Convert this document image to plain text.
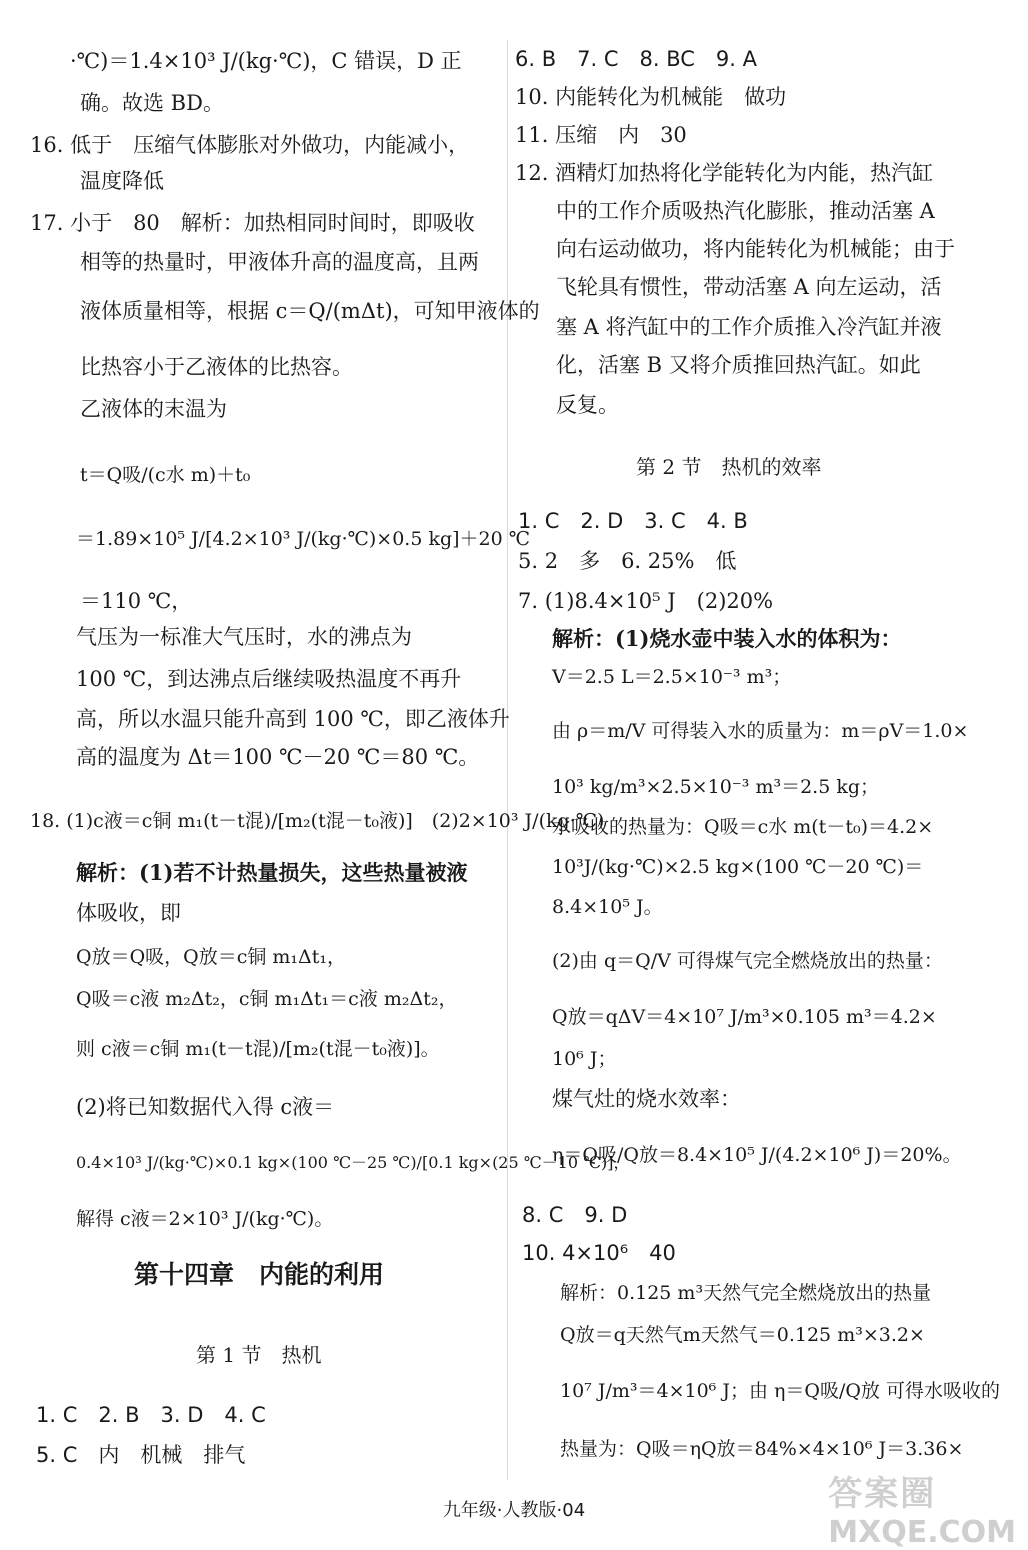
·℃)＝1.4×10³ J/(kg·℃)，C 错误，D 正
确。故选 BD。
16. 低于　压缩气体膨胀对外做功，内能减小，
温度降低
17. 小于　80　解析：加热相同时间时，即吸收
相等的热量时，甲液体升高的温度高，且两
液体质量相等，根据 c＝Q/(mΔt)，可知甲液体的
比热容小于乙液体的比热容。
乙液体的末温为
t＝Q吸/(c水 m)＋t₀
＝1.89×10⁵ J/[4.2×10³ J/(kg·℃)×0.5 kg]＋20 ℃
＝110 ℃，
气压为一标准大气压时，水的沸点为
100 ℃，到达沸点后继续吸热温度不再升
高，所以水温只能升高到 100 ℃，即乙液体升
高的温度为 Δt＝100 ℃－20 ℃＝80 ℃。
18. (1)c液＝c铜 m₁(t－t混)/[m₂(t混－t₀液)]　(2)2×10³ J/(kg·℃)
解析：(1)若不计热量损失，这些热量被液
体吸收，即
Q放＝Q吸，Q放＝c铜 m₁Δt₁，
Q吸＝c液 m₂Δt₂，c铜 m₁Δt₁＝c液 m₂Δt₂，
则 c液＝c铜 m₁(t－t混)/[m₂(t混－t₀液)]。
(2)将已知数据代入得 c液＝
0.4×10³ J/(kg·℃)×0.1 kg×(100 ℃－25 ℃)/[0.1 kg×(25 ℃－10 ℃)]，
解得 c液＝2×10³ J/(kg·℃)。
第十四章　内能的利用
第 1 节　热机
1. C　2. B　3. D　4. C
5. C　内　机械　排气
6. B　7. C　8. BC　9. A
10. 内能转化为机械能　做功
11. 压缩　内　30
12. 酒精灯加热将化学能转化为内能，热汽缸
中的工作介质吸热汽化膨胀，推动活塞 A
向右运动做功，将内能转化为机械能；由于
飞轮具有惯性，带动活塞 A 向左运动，活
塞 A 将汽缸中的工作介质推入冷汽缸并液
化，活塞 B 又将介质推回热汽缸。如此
反复。
第 2 节　热机的效率
1. C　2. D　3. C　4. B
5. 2　多　6. 25%　低
7. (1)8.4×10⁵ J　(2)20%
解析：(1)烧水壶中装入水的体积为：
V＝2.5 L＝2.5×10⁻³ m³；
由 ρ＝m/V 可得装入水的质量为：m＝ρV＝1.0×
10³ kg/m³×2.5×10⁻³ m³＝2.5 kg；
水吸收的热量为：Q吸＝c水 m(t－t₀)＝4.2×
10³J/(kg·℃)×2.5 kg×(100 ℃－20 ℃)＝
8.4×10⁵ J。
(2)由 q＝Q/V 可得煤气完全燃烧放出的热量：
Q放＝qΔV＝4×10⁷ J/m³×0.105 m³＝4.2×
10⁶ J；
煤气灶的烧水效率：
η＝Q吸/Q放＝8.4×10⁵ J/(4.2×10⁶ J)＝20%。
8. C　9. D
10. 4×10⁶　40
解析：0.125 m³天然气完全燃烧放出的热量
Q放＝q天然气m天然气＝0.125 m³×3.2×
10⁷ J/m³＝4×10⁶ J；由 η＝Q吸/Q放 可得水吸收的
热量为：Q吸＝ηQ放＝84%×4×10⁶ J＝3.36×
九年级·人教版·04	答案圈
MXQE.COM
